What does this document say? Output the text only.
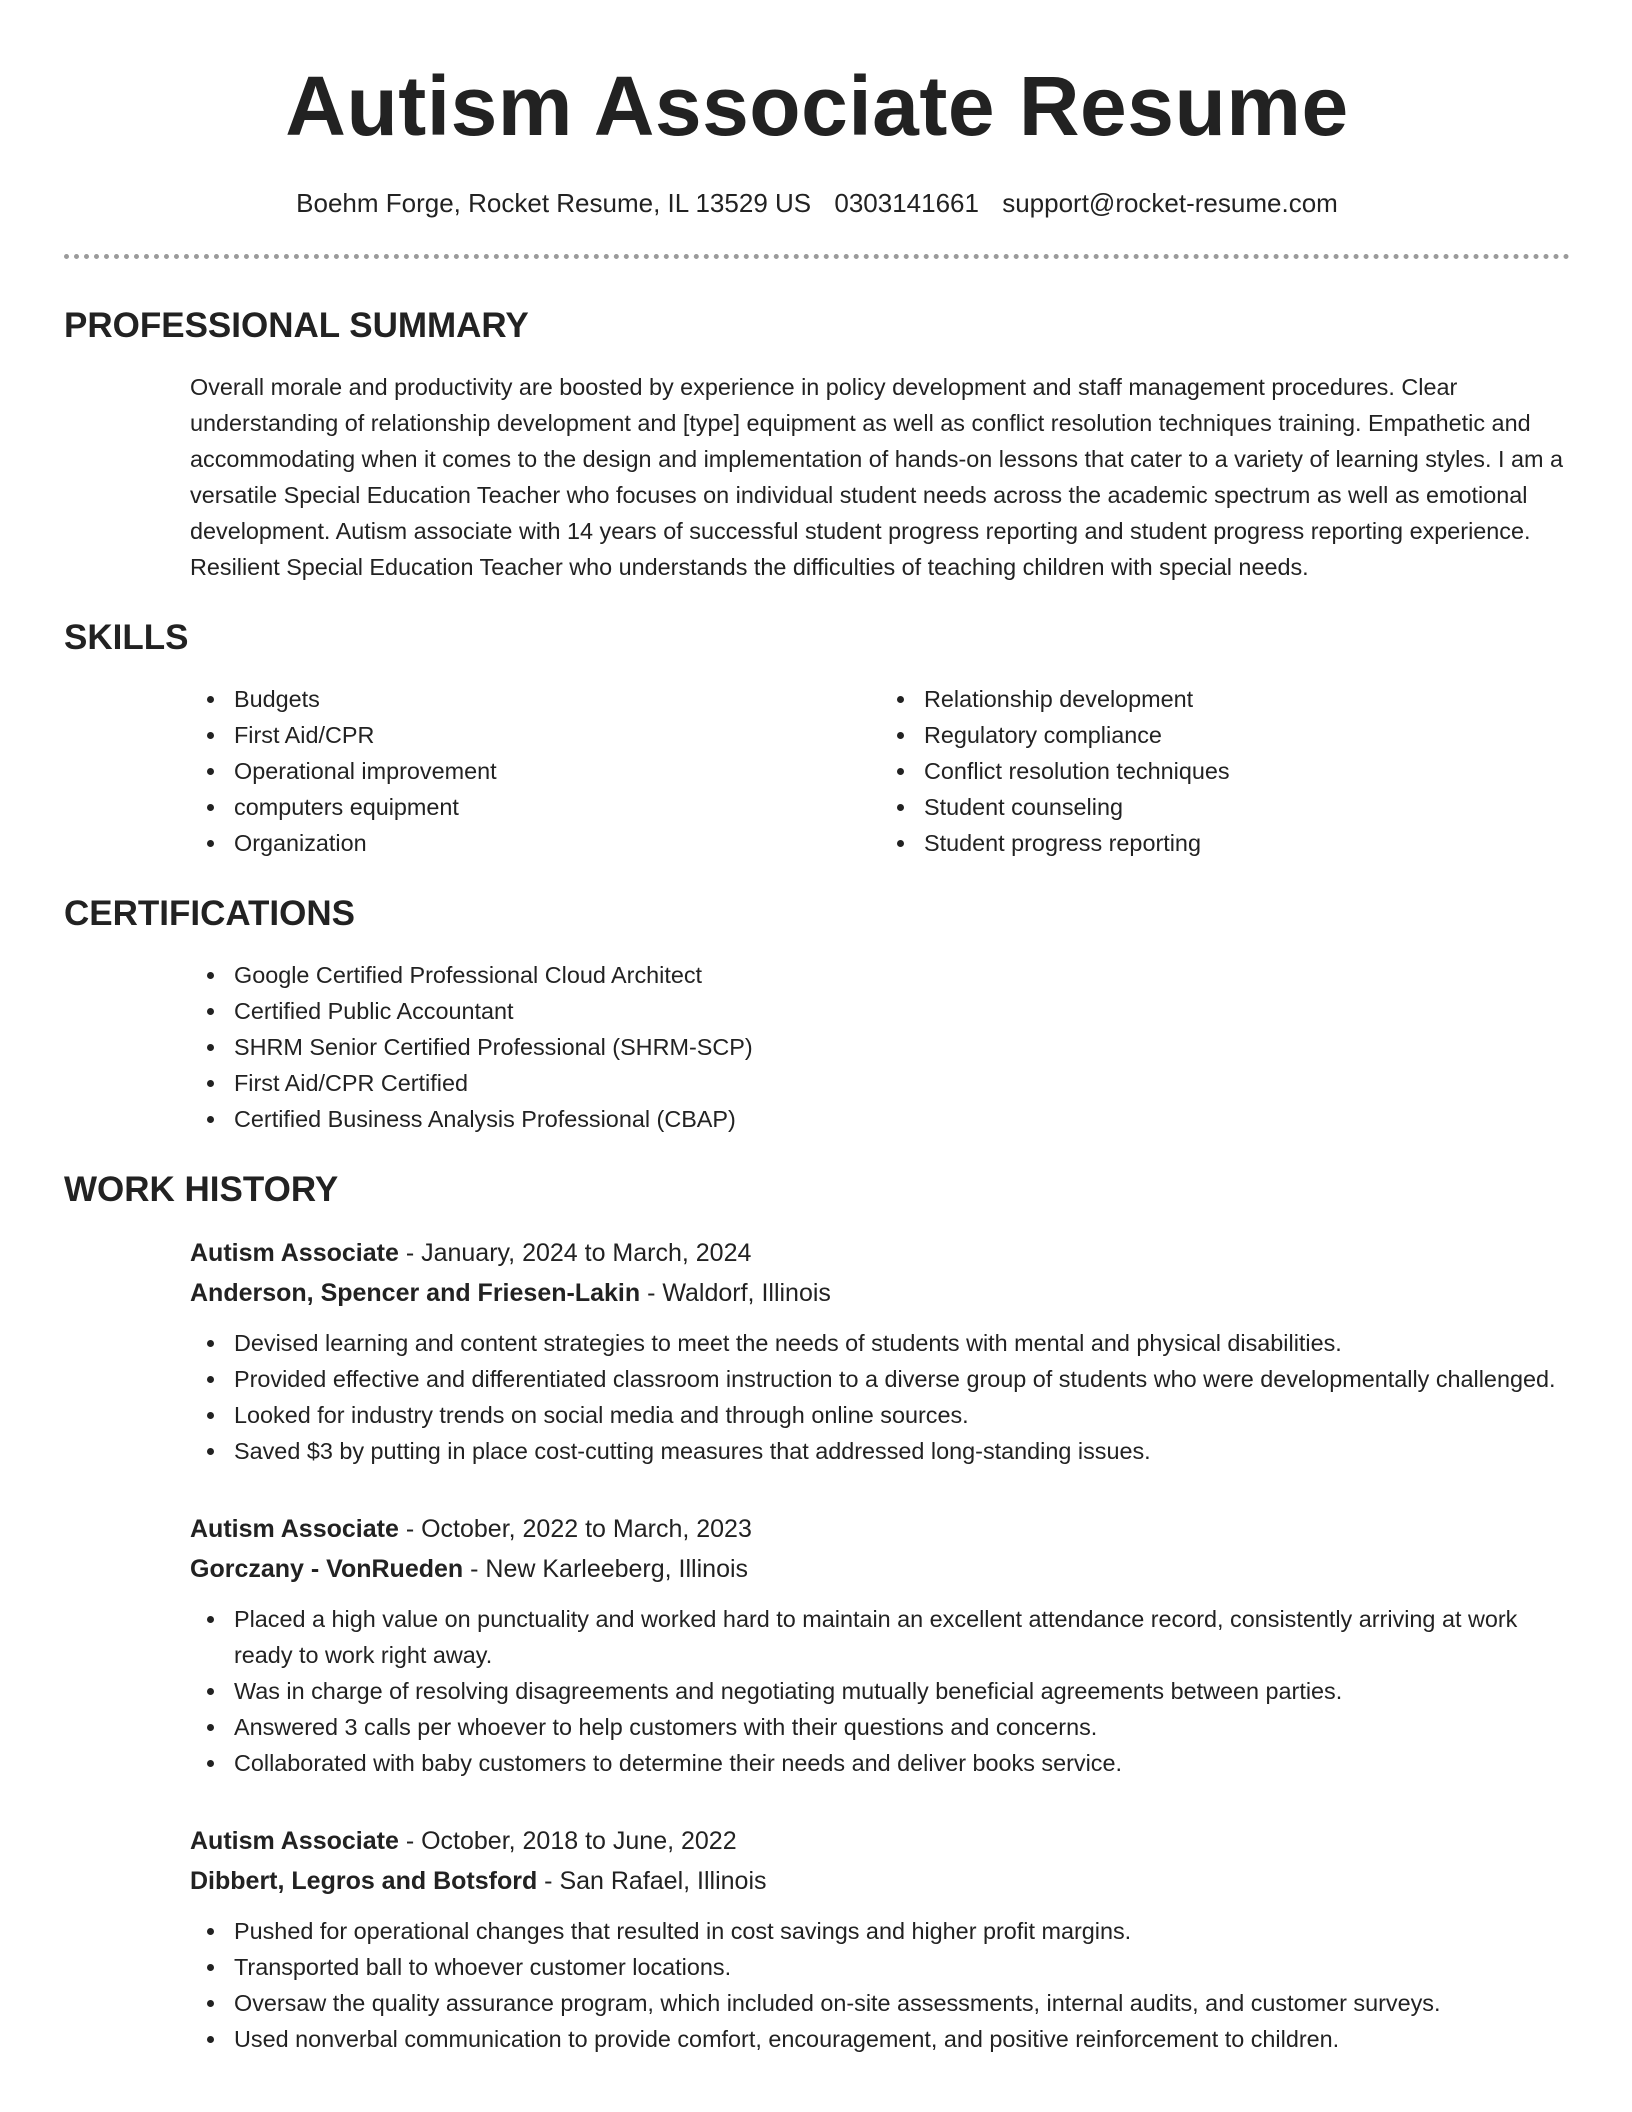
Autism Associate Resume
Boehm Forge, Rocket Resume, IL 13529 US 0303141661 support@rocket-resume.com
PROFESSIONAL SUMMARY

Overall morale and productivity are boosted by experience in policy development and staff management procedures. Clear understanding of relationship development and [type] equipment as well as conflict resolution techniques training. Empathetic and accommodating when it comes to the design and implementation of hands-on lessons that cater to a variety of learning styles. I am a versatile Special Education Teacher who focuses on individual student needs across the academic spectrum as well as emotional development. Autism associate with 14 years of successful student progress reporting and student progress reporting experience. Resilient Special Education Teacher who understands the difficulties of teaching children with special needs.

SKILLS
Budgets
First Aid/CPR
Operational improvement
computers equipment
Organization
Relationship development
Regulatory compliance
Conflict resolution techniques
Student counseling
Student progress reporting
CERTIFICATIONS
Google Certified Professional Cloud Architect
Certified Public Accountant
SHRM Senior Certified Professional (SHRM-SCP)
First Aid/CPR Certified
Certified Business Analysis Professional (CBAP)
WORK HISTORY
Autism Associate - January, 2024 to March, 2024
Anderson, Spencer and Friesen-Lakin - Waldorf, Illinois
Devised learning and content strategies to meet the needs of students with mental and physical disabilities.
Provided effective and differentiated classroom instruction to a diverse group of students who were developmentally challenged.
Looked for industry trends on social media and through online sources.
Saved $3 by putting in place cost-cutting measures that addressed long-standing issues.
Autism Associate - October, 2022 to March, 2023
Gorczany - VonRueden - New Karleeberg, Illinois
Placed a high value on punctuality and worked hard to maintain an excellent attendance record, consistently arriving at work ready to work right away.
Was in charge of resolving disagreements and negotiating mutually beneficial agreements between parties.
Answered 3 calls per whoever to help customers with their questions and concerns.
Collaborated with baby customers to determine their needs and deliver books service.
Autism Associate - October, 2018 to June, 2022
Dibbert, Legros and Botsford - San Rafael, Illinois
Pushed for operational changes that resulted in cost savings and higher profit margins.
Transported ball to whoever customer locations.
Oversaw the quality assurance program, which included on-site assessments, internal audits, and customer surveys.
Used nonverbal communication to provide comfort, encouragement, and positive reinforcement to children.
